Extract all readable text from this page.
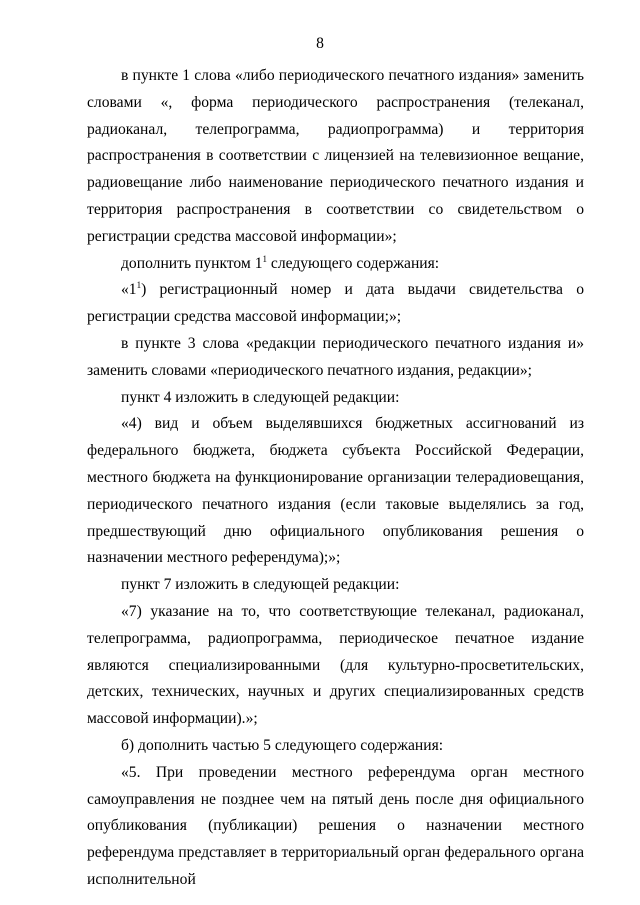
8

в пункте 1 слова «либо периодического печатного издания» заменить словами «, форма периодического распространения (телеканал, радиоканал, телепрограмма, радиопрограмма) и территория распространения в соответствии с лицензией на телевизионное вещание, радиовещание либо наименование периодического печатного издания и территория распространения в соответствии со свидетельством о регистрации средства массовой информации»;

дополнить пунктом $1^1$ следующего содержания:

«$1^1$) регистрационный номер и дата выдачи свидетельства о регистрации средства массовой информации;»;

в пункте 3 слова «редакции периодического печатного издания и» заменить словами «периодического печатного издания, редакции»;

пункт 4 изложить в следующей редакции:

«4) вид и объем выделявшихся бюджетных ассигнований из федерального бюджета, бюджета субъекта Российской Федерации, местного бюджета на функционирование организации телерадиовещания, периодического печатного издания (если таковые выделялись за год, предшествующий дню официального опубликования решения о назначении местного референдума);»;

пункт 7 изложить в следующей редакции:

«7) указание на то, что соответствующие телеканал, радиоканал, телепрограмма, радиопрограмма, периодическое печатное издание являются специализированными (для культурно-просветительских, детских, технических, научных и других специализированных средств массовой информации).»;

б) дополнить частью 5 следующего содержания:

«5. При проведении местного референдума орган местного самоуправления не позднее чем на пятый день после дня официального опубликования (публикации) решения о назначении местного референдума представляет в территориальный орган федерального органа исполнительной
